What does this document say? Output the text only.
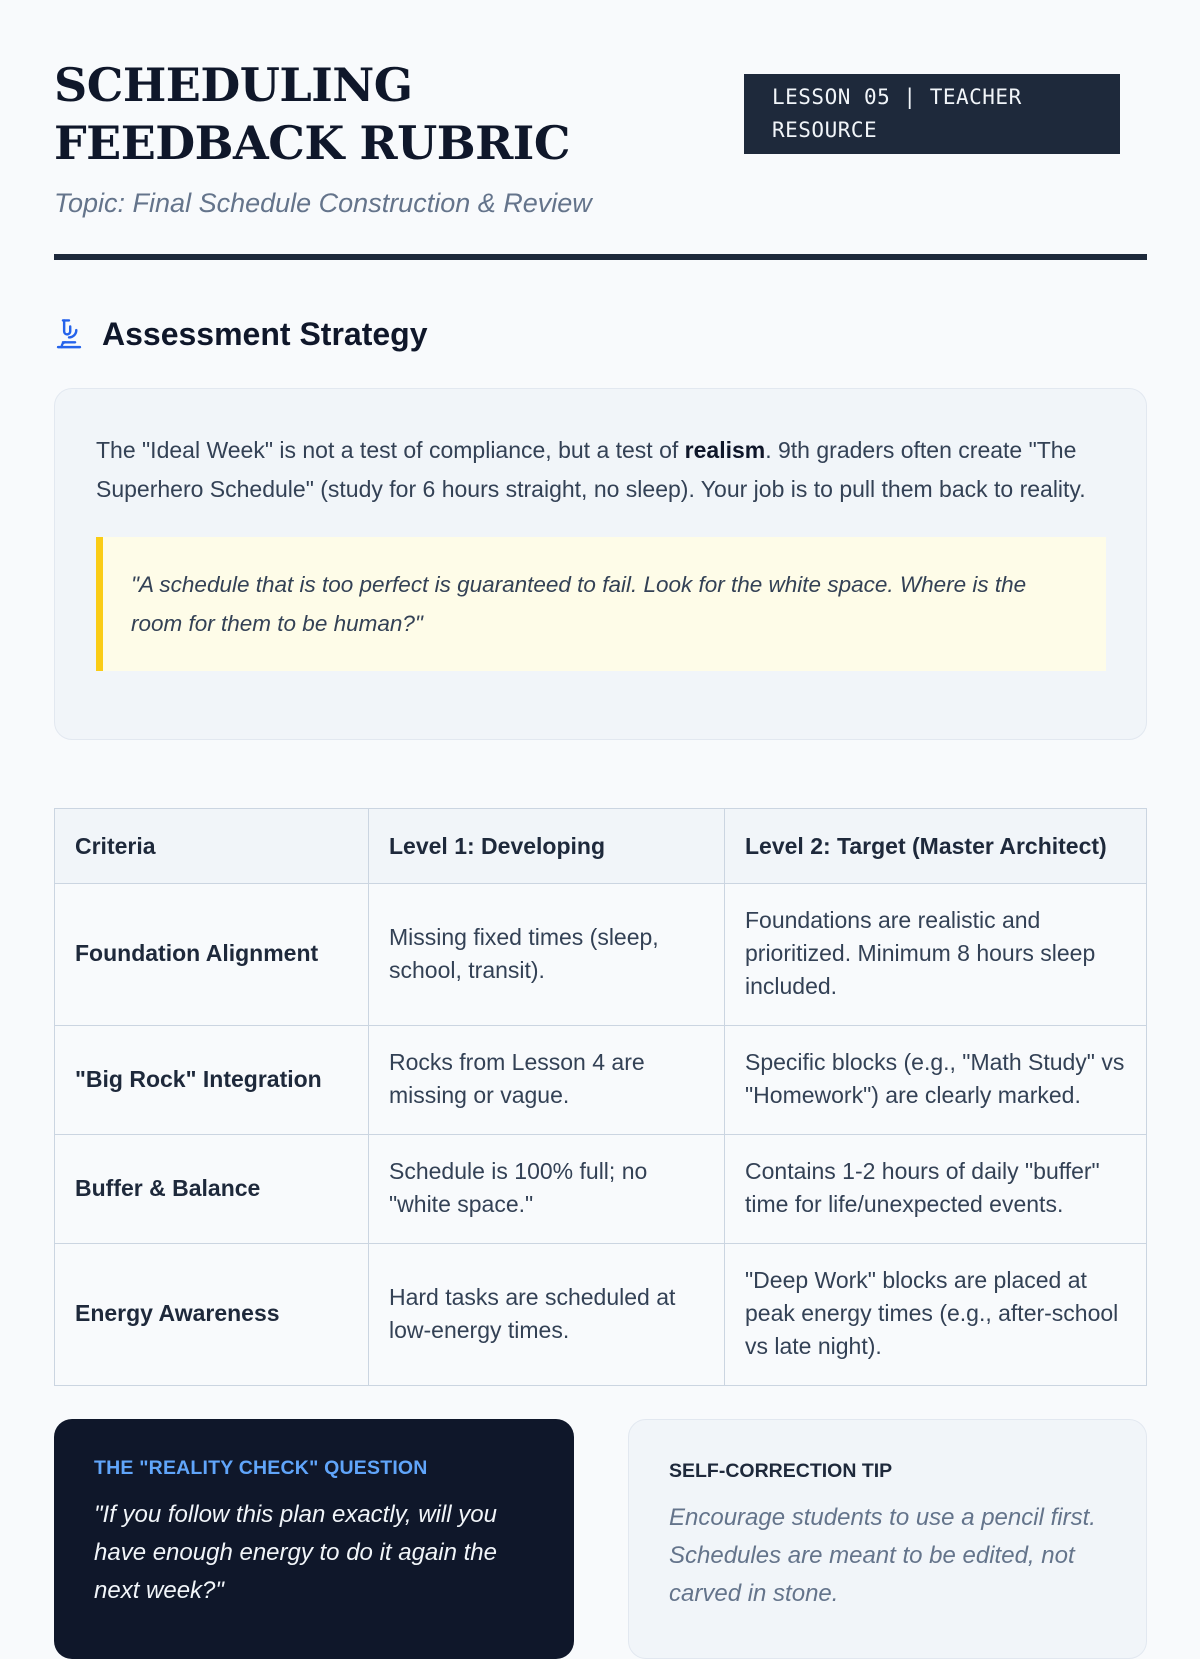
SCHEDULING FEEDBACK RUBRIC
LESSON 05 | TEACHER RESOURCE

Topic: Final Schedule Construction & Review

Assessment Strategy

The "Ideal Week" is not a test of compliance, but a test of realism. 9th graders often create "The Superhero Schedule" (study for 6 hours straight, no sleep). Your job is to pull them back to reality.

"A schedule that is too perfect is guaranteed to fail. Look for the white space. Where is the room for them to be human?"
Criteria	Level 1: Developing	Level 2: Target (Master Architect)
Foundation Alignment	Missing fixed times (sleep, school, transit).	Foundations are realistic and prioritized. Minimum 8 hours sleep included.
"Big Rock" Integration	Rocks from Lesson 4 are missing or vague.	Specific blocks (e.g., "Math Study" vs "Homework") are clearly marked.
Buffer & Balance	Schedule is 100% full; no "white space."	Contains 1-2 hours of daily "buffer" time for life/unexpected events.
Energy Awareness	Hard tasks are scheduled at low-energy times.	"Deep Work" blocks are placed at peak energy times (e.g., after-school vs late night).

THE "REALITY CHECK" QUESTION

"If you follow this plan exactly, will you have enough energy to do it again the next week?"

SELF-CORRECTION TIP

Encourage students to use a pencil first. Schedules are meant to be edited, not carved in stone.
